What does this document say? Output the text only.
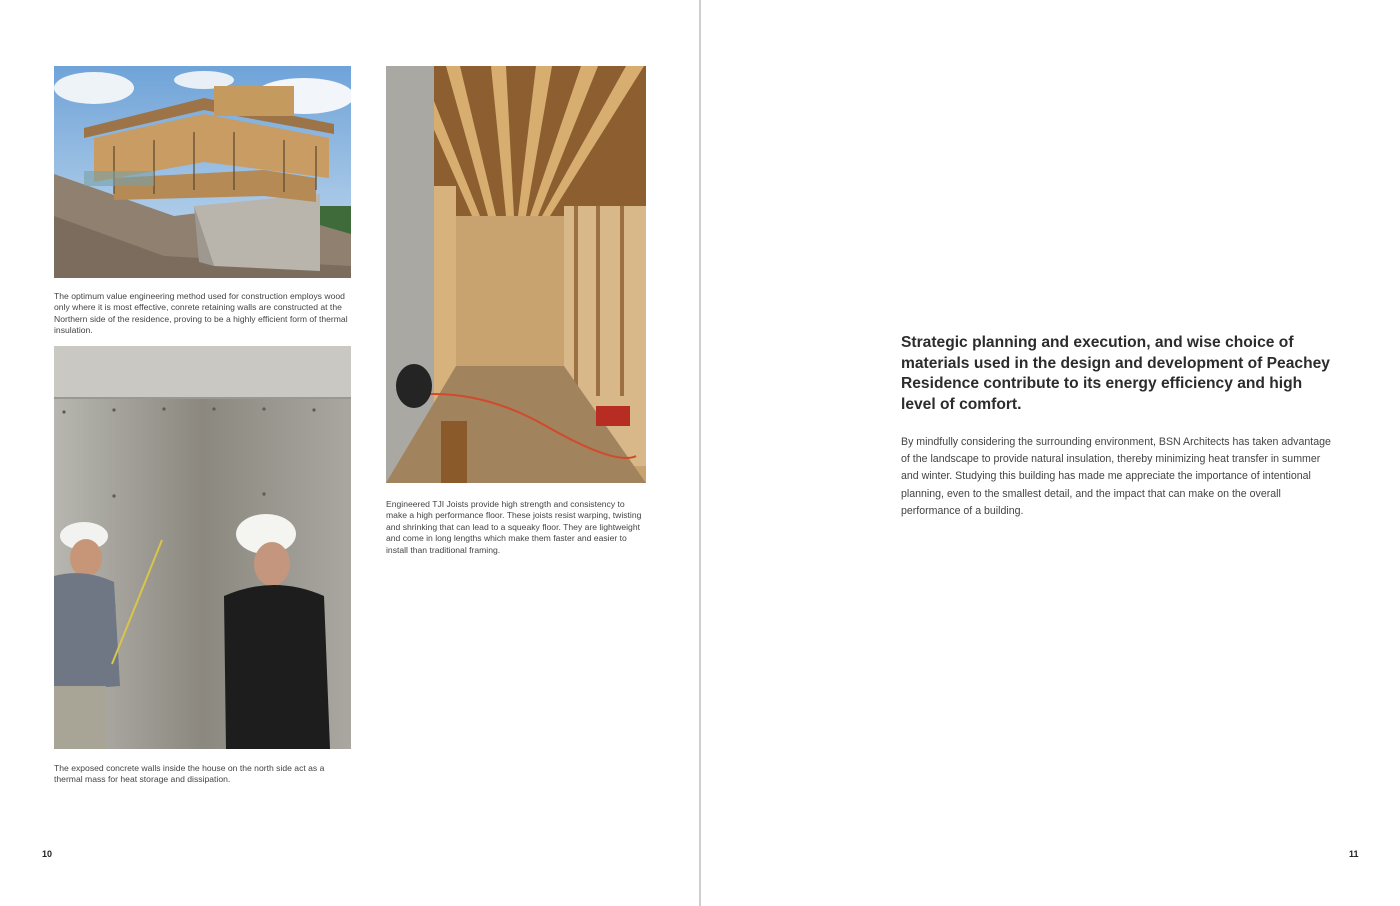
The optimum value engineering method used for construction employs wood only where it is most effective, conrete retaining walls are constructed at the Northern side of the residence, proving to be a highly efficient form of thermal insulation.

The exposed concrete walls inside the house on the north side act as a thermal mass for heat storage and dissipation.

Engineered TJI Joists provide high strength and consistency to make a high performance floor. These joists resist warping, twisting and shrinking that can lead to a squeaky floor. They are lightweight and come in long lengths which make them faster and easier to install than traditional framing.

10

Strategic planning and execution, and wise choice of materials used in the design and development of Peachey Residence contribute to its energy efficiency and high level of comfort.

By mindfully considering the surrounding environment, BSN Architects has taken advantage of the landscape to provide natural insulation, thereby minimizing heat transfer in summer and winter. Studying this building has made me appreciate the importance of intentional planning, even to the smallest detail, and the impact that can make on the overall performance of a building.

11
